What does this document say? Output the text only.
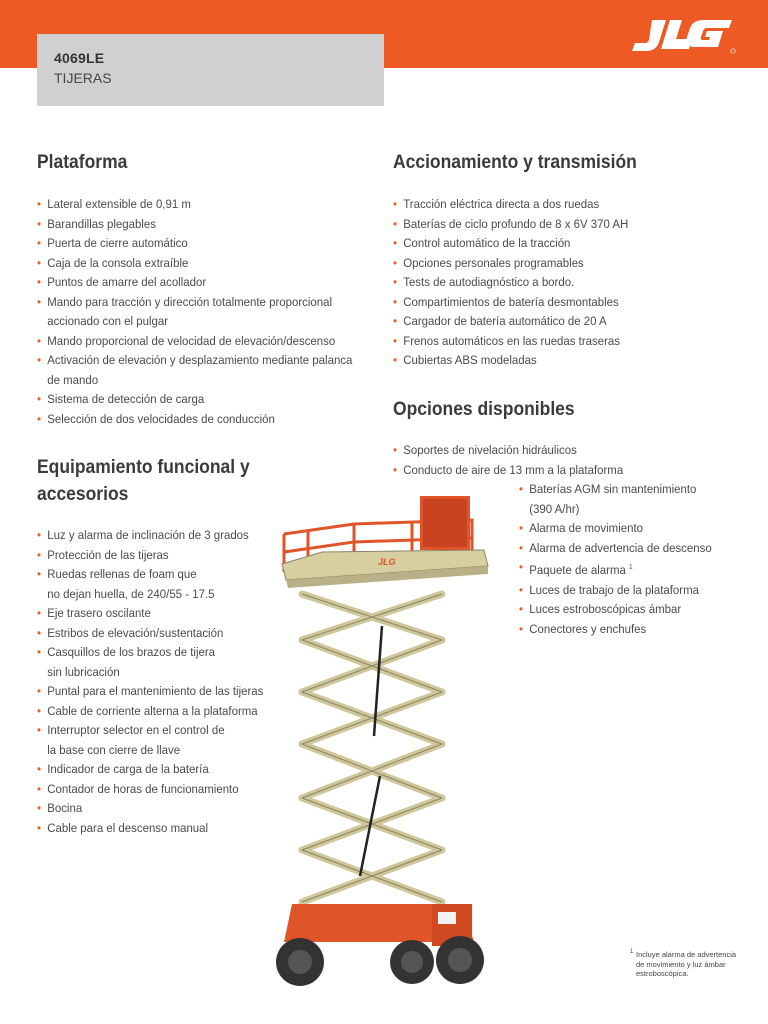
4069LE
TIJERAS
Plataforma
• Lateral extensible de 0,91 m
• Barandillas plegables
• Puerta de cierre automático
• Caja de la consola extraíble
• Puntos de amarre del acollador
• Mando para tracción y dirección totalmente proporcional
accionado con el pulgar
• Mando proporcional de velocidad de elevación/descenso
• Activación de elevación y desplazamiento mediante palanca
de mando
• Sistema de detección de carga
• Selección de dos velocidades de conducción
Equipamiento funcional y
accesorios
• Luz y alarma de inclinación de 3 grados
• Protección de las tijeras
• Ruedas rellenas de foam que
no dejan huella, de 240/55 - 17.5
• Eje trasero oscilante
• Estribos de elevación/sustentación
• Casquillos de los brazos de tijera
sin lubricación
• Puntal para el mantenimiento de las tijeras
• Cable de corriente alterna a la plataforma
• Interruptor selector en el control de
la base con cierre de llave
• Indicador de carga de la batería
• Contador de horas de funcionamiento
• Bocina
• Cable para el descenso manual
Accionamiento y transmisión
• Tracción eléctrica directa a dos ruedas
• Baterías de ciclo profundo de 8 x 6V 370 AH
• Control automático de la tracción
• Opciones personales programables
• Tests de autodiagnóstico a bordo.
• Compartimientos de batería desmontables
• Cargador de batería automático de 20 A
• Frenos automáticos en las ruedas traseras
• Cubiertas ABS modeladas
Opciones disponibles
• Soportes de nivelación hidráulicos
• Conducto de aire de 13 mm a la plataforma
• Baterías AGM sin mantenimiento
(390 A/hr)
• Alarma de movimiento
• Alarma de advertencia de descenso
• Paquete de alarma $^1$
• Luces de trabajo de la plataforma
• Luces estroboscópicas ámbar
• Conectores y enchufes
JLG
1 Incluye alarma de advertencia de movimiento y luz ámbar estroboscópica.
